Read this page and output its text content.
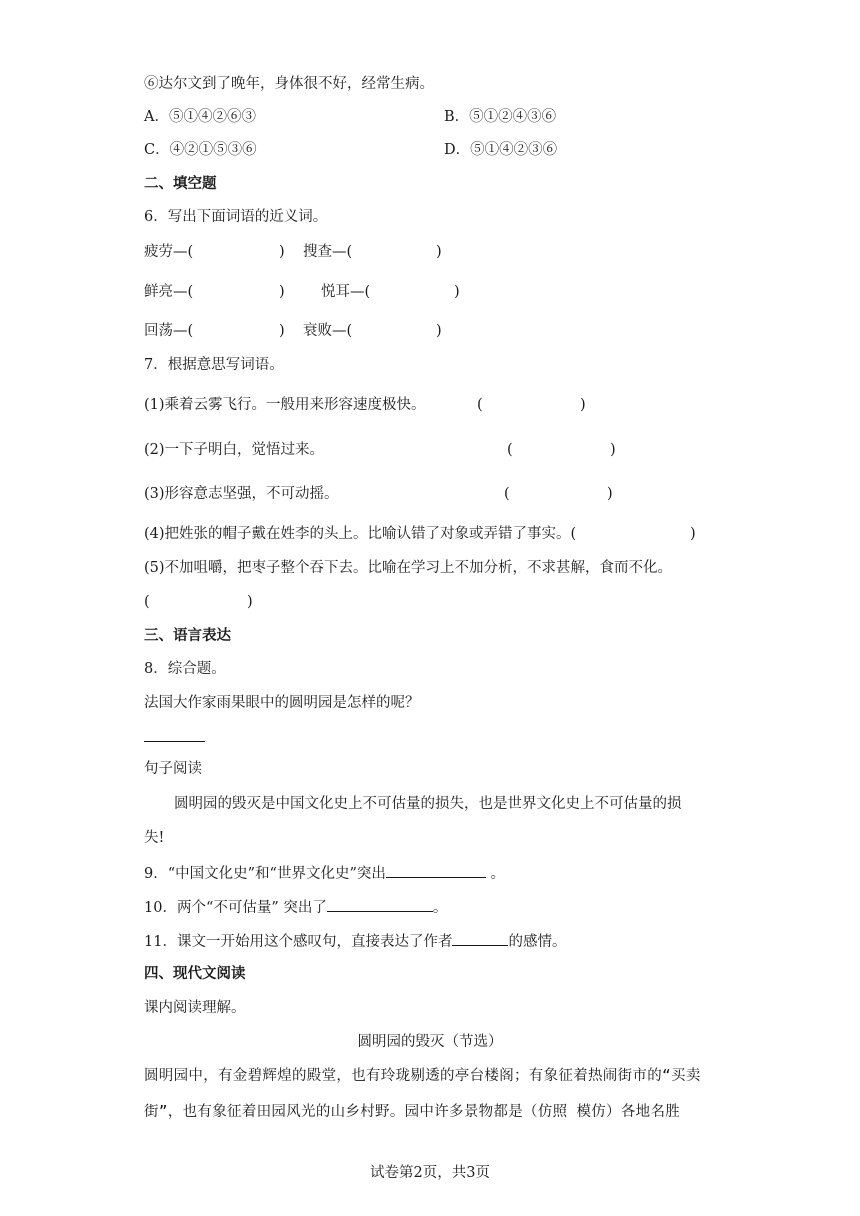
⑥达尔文到了晚年，身体很不好，经常生病。
A．⑤①④②⑥③	B．⑤①②④③⑥
C．④②①⑤③⑥	D．⑤①④②③⑥
二、填空题
6．写出下面词语的近义词。
疲劳—(	) 搜查—(	)
鲜亮—(	)	悦耳—(	)
回荡—(	) 衰败—(	)
7．根据意思写词语。
(1)乘着云雾飞行。一般用来形容速度极快。	(	)
(2)一下子明白，觉悟过来。	(	)
(3)形容意志坚强，不可动摇。	(	)
(4)把姓张的帽子戴在姓李的头上。比喻认错了对象或弄错了事实。(	)
(5)不加咀嚼，把枣子整个吞下去。比喻在学习上不加分析，不求甚解，食而不化。
(	)
三、语言表达
8．综合题。
法国大作家雨果眼中的圆明园是怎样的呢？
句子阅读
圆明园的毁灭是中国文化史上不可估量的损失，也是世界文化史上不可估量的损
失!
9．“中国文化史”和“世界文化史”突出	。
10．两个“不可估量” 突出了	。
11．课文一开始用这个感叹句，直接表达了作者	的感情。
四、现代文阅读
课内阅读理解。
圆明园的毁灭（节选）
圆明园中，有金碧辉煌的殿堂，也有玲珑剔透的亭台楼阁；有象征着热闹街市的“买卖
街”，也有象征着田园风光的山乡村野。园中许多景物都是（仿照 模仿）各地名胜
试卷第2页，共3页
